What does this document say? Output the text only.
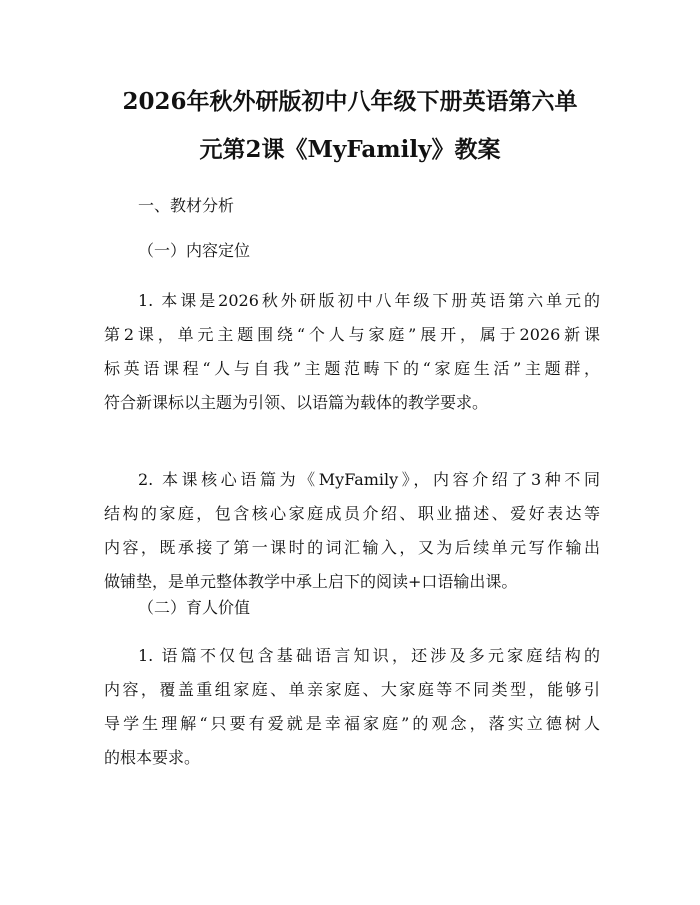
2026年秋外研版初中八年级下册英语第六单
元第2课《MyFamily》教案
一、教材分析
（一）内容定位
1. 本课是2026秋外研版初中八年级下册英语第六单元的
第2课，单元主题围绕“个人与家庭”展开，属于2026新课
标英语课程“人与自我”主题范畴下的“家庭生活”主题群，
符合新课标以主题为引领、以语篇为载体的教学要求。
2. 本课核心语篇为《MyFamily》，内容介绍了3种不同
结构的家庭，包含核心家庭成员介绍、职业描述、爱好表达等
内容，既承接了第一课时的词汇输入，又为后续单元写作输出
做铺垫，是单元整体教学中承上启下的阅读+口语输出课。
（二）育人价值
1. 语篇不仅包含基础语言知识，还涉及多元家庭结构的
内容，覆盖重组家庭、单亲家庭、大家庭等不同类型，能够引
导学生理解“只要有爱就是幸福家庭”的观念，落实立德树人
的根本要求。
